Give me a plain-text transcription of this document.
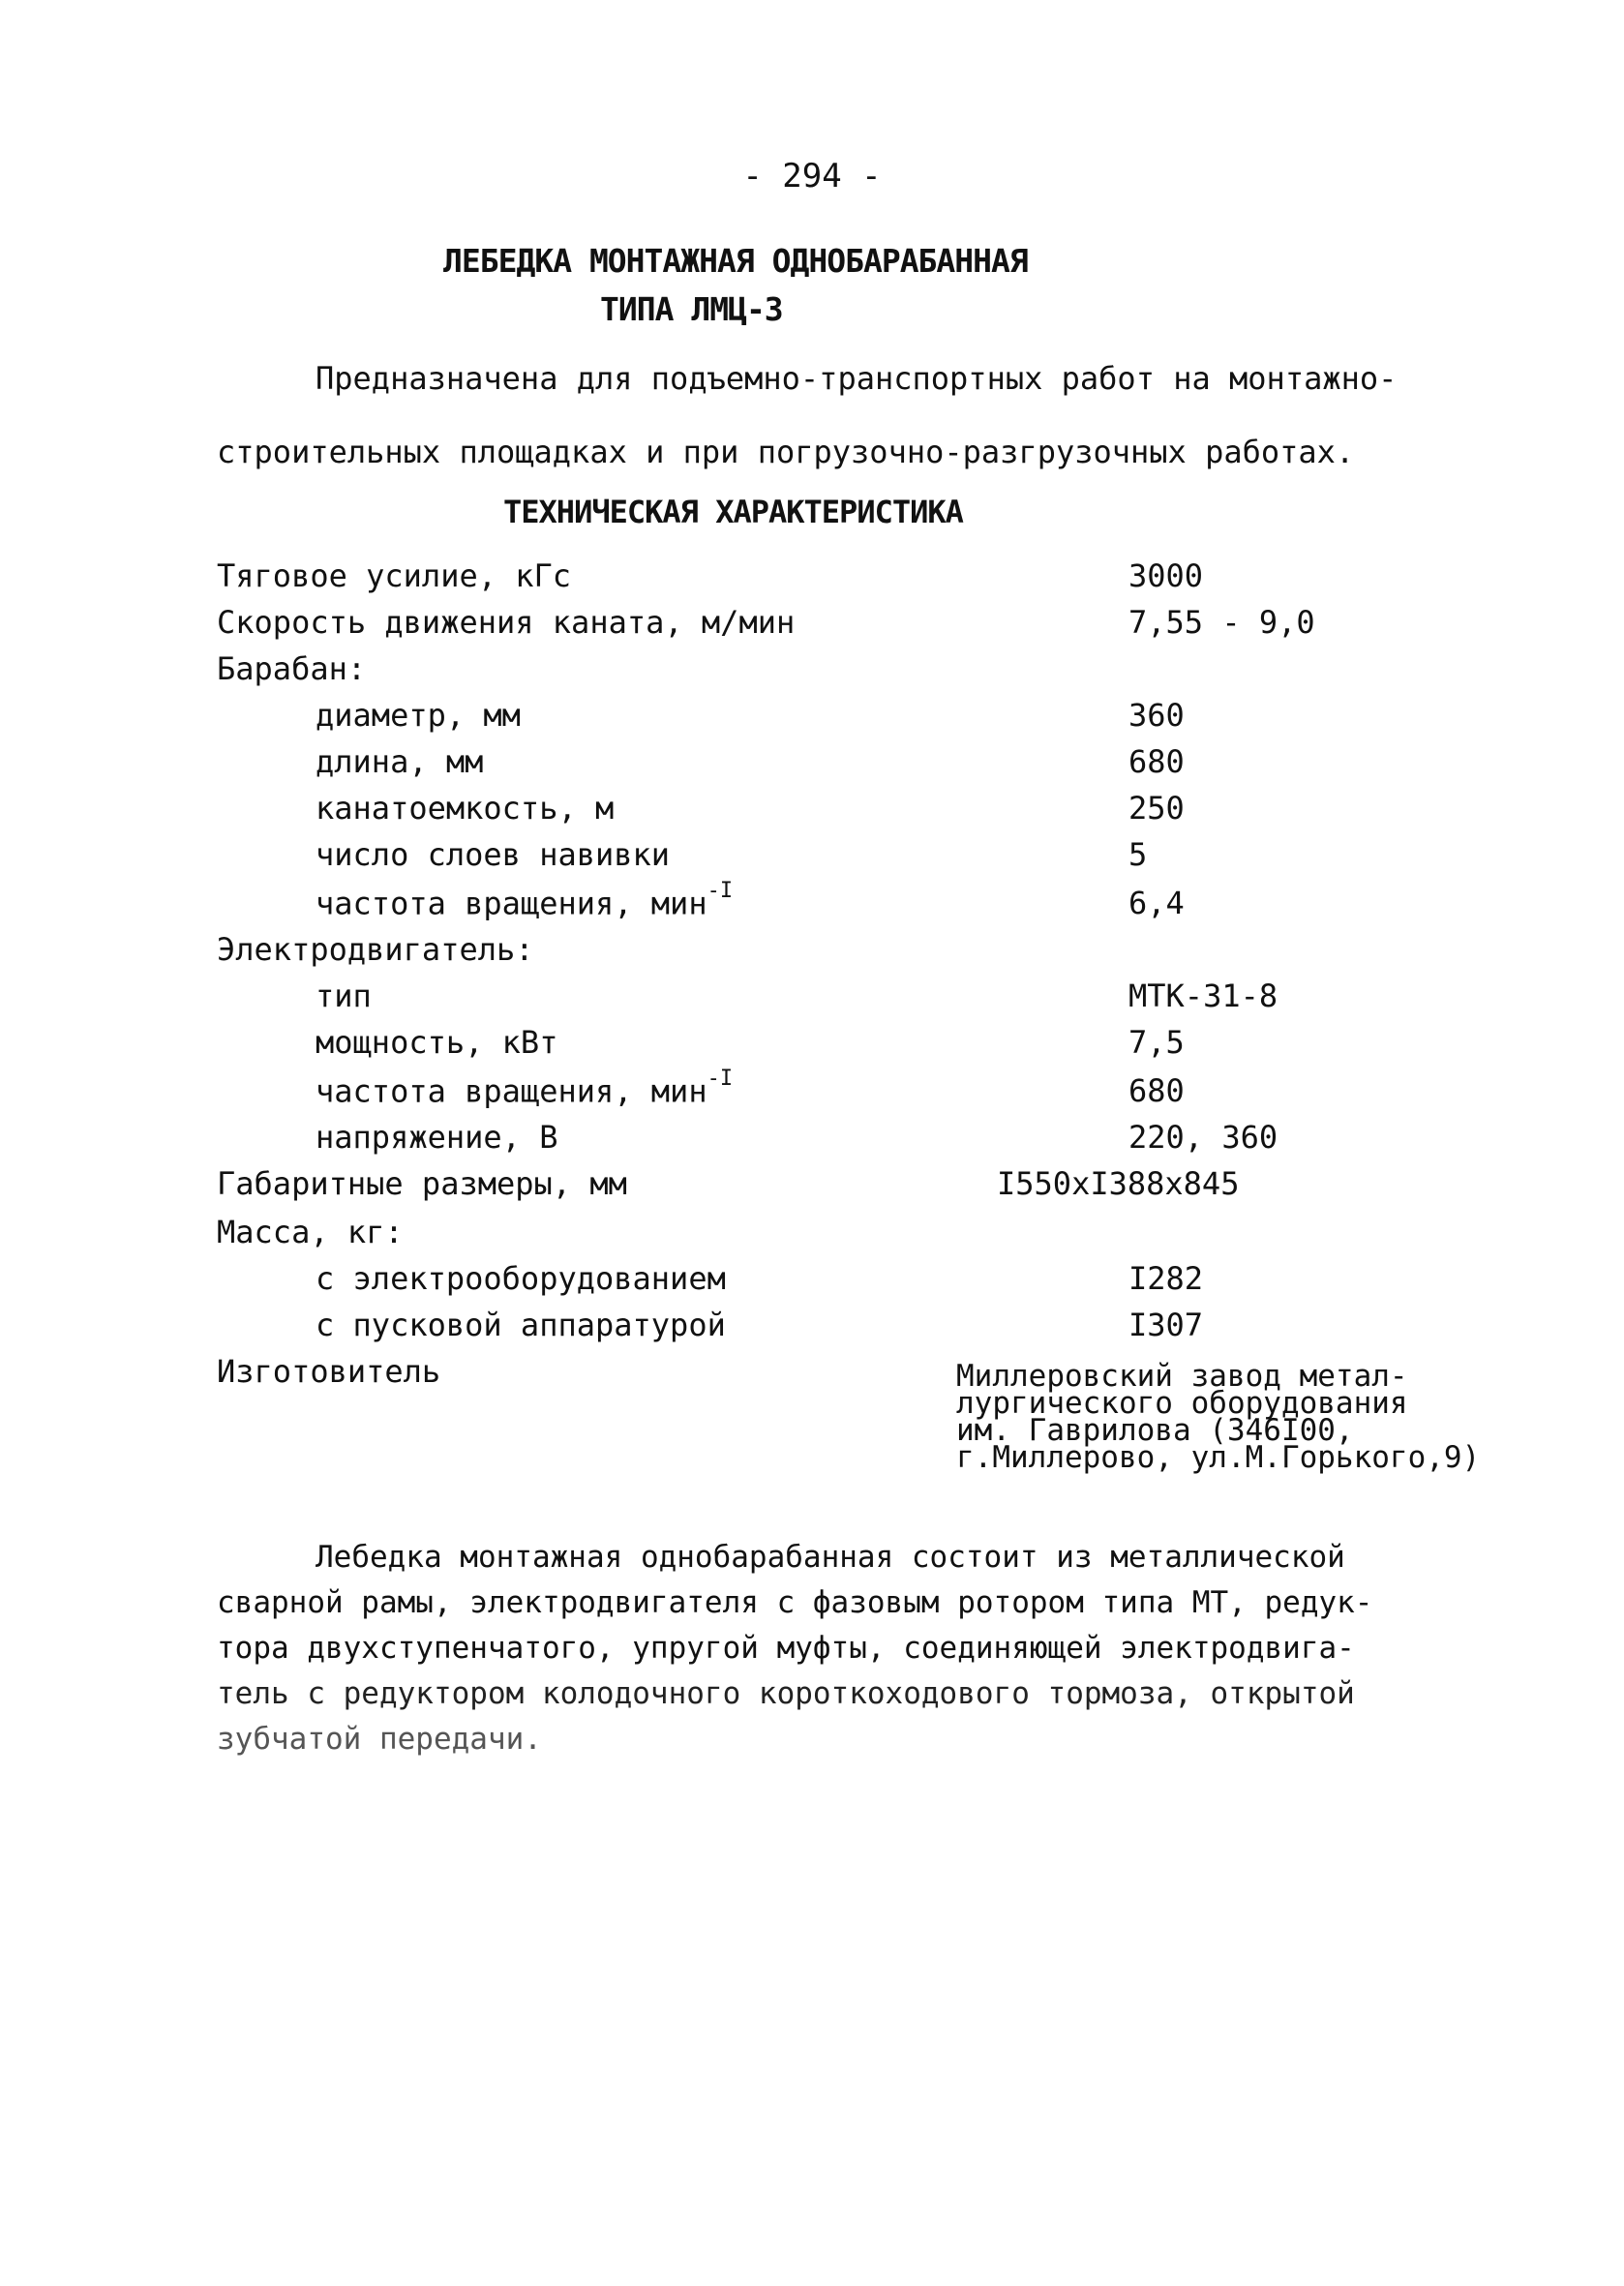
- 294 -
ЛЕБЕДКА МОНТАЖНАЯ ОДНОБАРАБАННАЯ
ТИПА ЛМЦ-3
Предназначена для подъемно-транспортных работ на монтажно-
строительных площадках и при погрузочно-разгрузочных работах.
ТЕХНИЧЕСКАЯ ХАРАКТЕРИСТИКА
Тяговое усилие, кГс	3000
Скорость движения каната, м/мин	7,55 - 9,0
Барабан:
диаметр, мм	360
длина, мм	680
канатоемкость, м	250
число слоев навивки	5
частота вращения, мин$^{-I}$	6,4
Электродвигатель:
тип	МТК-31-8
мощность, кВт	7,5
частота вращения, мин$^{-I}$	680
напряжение, В	220, 360
Габаритные размеры, мм	I550xI388x845
Масса, кг:
с электрооборудованием	I282
с пусковой аппаратурой	I307
Изготовитель	Миллеровский завод метал-
лургического оборудования
им. Гаврилова (346I00,
г.Миллерово, ул.М.Горького,9)
Лебедка монтажная однобарабанная состоит из металлической
сварной рамы, электродвигателя с фазовым ротором типа МТ, редук-
тора двухступенчатого, упругой муфты, соединяющей электродвига-
тель с редуктором колодочного короткоходового тормоза, открытой
зубчатой передачи.
